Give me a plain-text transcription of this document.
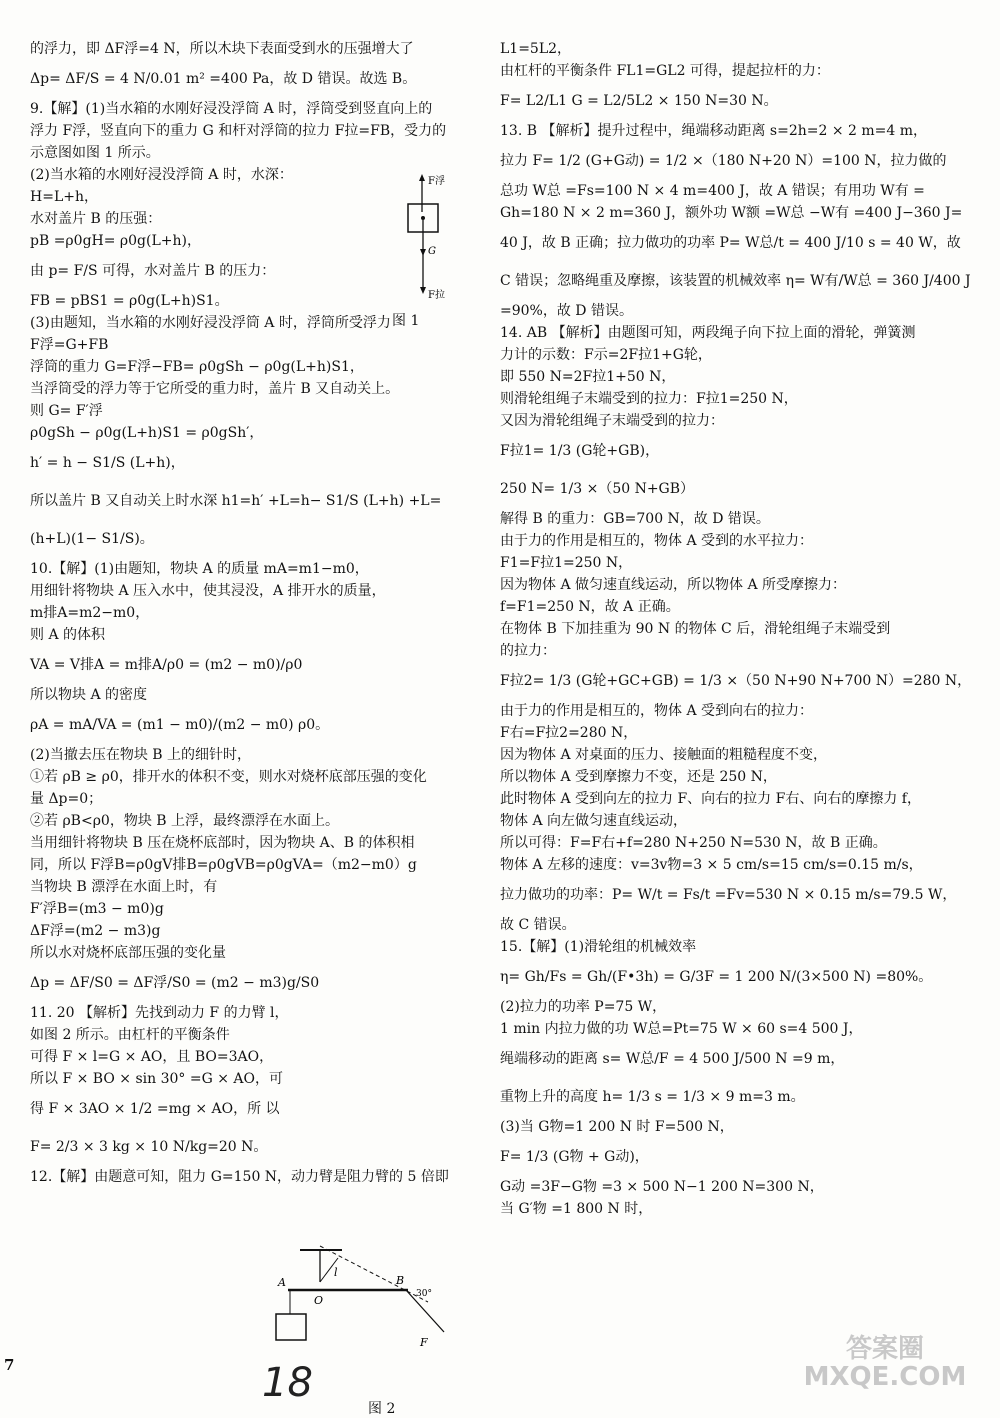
的浮力，即 ΔF浮=4 N，所以木块下表面受到水的压强增大了
Δp= ΔF/S = 4 N/0.01 m² =400 Pa，故 D 错误。故选 B。
9.【解】(1)当水箱的水刚好浸没浮筒 A 时，浮筒受到竖直向上的
浮力 F浮，竖直向下的重力 G 和杆对浮筒的拉力 F拉=FB，受力的
示意图如图 1 所示。
(2)当水箱的水刚好浸没浮筒 A 时，水深：
H=L+h，
水对盖片 B 的压强：
pB =ρ0gH= ρ0g(L+h)，
由 p= F/S 可得，水对盖片 B 的压力：
FB = pBS1 = ρ0g(L+h)S1。
(3)由题知，当水箱的水刚好浸没浮筒 A 时，浮筒所受浮力
F浮=G+FB
浮筒的重力 G=F浮−FB= ρ0gSh − ρ0g(L+h)S1，
当浮筒受的浮力等于它所受的重力时，盖片 B 又自动关上。
则 G= F′浮
ρ0gSh − ρ0g(L+h)S1 = ρ0gSh′，
h′ = h − S1/S (L+h)，
所以盖片 B 又自动关上时水深 h1=h′ +L=h− S1/S (L+h) +L=
(h+L)(1− S1/S)。
10.【解】(1)由题知，物块 A 的质量 mA=m1−m0，
用细针将物块 A 压入水中，使其浸没，A 排开水的质量，
m排A=m2−m0，
则 A 的体积
VA = V排A = m排A/ρ0 = (m2 − m0)/ρ0
所以物块 A 的密度
ρA = mA/VA = (m1 − m0)/(m2 − m0) ρ0。
(2)当撤去压在物块 B 上的细针时，
①若 ρB ≥ ρ0，排开水的体积不变，则水对烧杯底部压强的变化
量 Δp=0；
②若 ρB<ρ0，物块 B 上浮，最终漂浮在水面上。
当用细针将物块 B 压在烧杯底部时，因为物块 A、B 的体积相
同，所以 F浮B=ρ0gV排B=ρ0gVB=ρ0gVA=（m2−m0）g
当物块 B 漂浮在水面上时，有
F′浮B=(m3 − m0)g
ΔF浮=(m2 − m3)g
所以水对烧杯底部压强的变化量
Δp = ΔF/S0 = ΔF浮/S0 = (m2 − m3)g/S0
11. 20 【解析】先找到动力 F 的力臂 l，
如图 2 所示。由杠杆的平衡条件
可得 F × l=G × AO，且 BO=3AO，
所以 F × BO × sin 30° =G × AO，可
得 F × 3AO × 1/2 =mg × AO，所 以
F= 2/3 × 3 kg × 10 N/kg=20 N。
12.【解】由题意可知，阻力 G=150 N，动力臂是阻力臂的 5 倍即
L1=5L2，
由杠杆的平衡条件 FL1=GL2 可得，提起拉杆的力：
F= L2/L1 G = L2/5L2 × 150 N=30 N。
13. B 【解析】提升过程中，绳端移动距离 s=2h=2 × 2 m=4 m，
拉力 F= 1/2 (G+G动) = 1/2 ×（180 N+20 N）=100 N，拉力做的
总功 W总 =Fs=100 N × 4 m=400 J，故 A 错误；有用功 W有 =
Gh=180 N × 2 m=360 J，额外功 W额 =W总 −W有 =400 J−360 J=
40 J，故 B 正确；拉力做功的功率 P= W总/t = 400 J/10 s = 40 W，故
C 错误；忽略绳重及摩擦，该装置的机械效率 η= W有/W总 = 360 J/400 J
=90%，故 D 错误。
14. AB 【解析】由题图可知，两段绳子向下拉上面的滑轮，弹簧测
力计的示数：F示=2F拉1+G轮，
即 550 N=2F拉1+50 N，
则滑轮组绳子末端受到的拉力：F拉1=250 N，
又因为滑轮组绳子末端受到的拉力：
F拉1= 1/3 (G轮+GB)，
250 N= 1/3 ×（50 N+GB）
解得 B 的重力：GB=700 N，故 D 错误。
由于力的作用是相互的，物体 A 受到的水平拉力：
F1=F拉1=250 N，
因为物体 A 做匀速直线运动，所以物体 A 所受摩擦力：
f=F1=250 N，故 A 正确。
在物体 B 下加挂重为 90 N 的物体 C 后，滑轮组绳子末端受到
的拉力：
F拉2= 1/3 (G轮+GC+GB) = 1/3 ×（50 N+90 N+700 N）=280 N，
由于力的作用是相互的，物体 A 受到向右的拉力：
F右=F拉2=280 N，
因为物体 A 对桌面的压力、接触面的粗糙程度不变，
所以物体 A 受到摩擦力不变，还是 250 N，
此时物体 A 受到向左的拉力 F、向右的拉力 F右、向右的摩擦力 f，
物体 A 向左做匀速直线运动，
所以可得：F=F右+f=280 N+250 N=530 N，故 B 正确。
物体 A 左移的速度：v=3v物=3 × 5 cm/s=15 cm/s=0.15 m/s，
拉力做功的功率：P= W/t = Fs/t =Fv=530 N × 0.15 m/s=79.5 W，
故 C 错误。
15.【解】(1)滑轮组的机械效率
η= Gh/Fs = Gh/(F•3h) = G/3F = 1 200 N/(3×500 N) =80%。
(2)拉力的功率 P=75 W，
1 min 内拉力做的功 W总=Pt=75 W × 60 s=4 500 J，
绳端移动的距离 s= W总/F = 4 500 J/500 N =9 m，
重物上升的高度 h= 1/3 s = 1/3 × 9 m=3 m。
(3)当 G物=1 200 N 时 F=500 N，
F= 1/3 (G物 + G动)，
G动 =3F−G物 =3 × 500 N−1 200 N=300 N，
当 G′物 =1 800 N 时，
F浮
G
F拉
图 1
A
O
l
B
30°
F
图 2
7	18
答案圈
MXQE.COM
